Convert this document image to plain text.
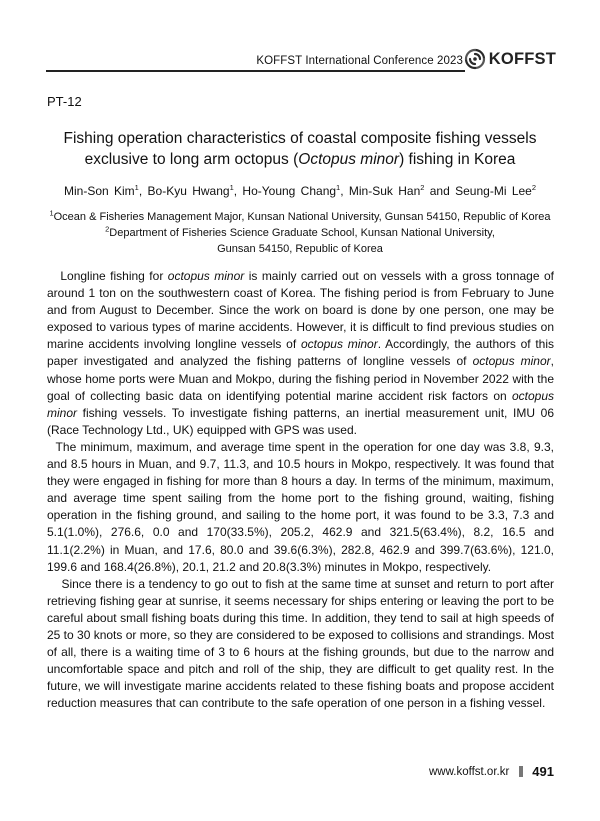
KOFFST International Conference 2023 KOFFST
PT-12
Fishing operation characteristics of coastal composite fishing vessels
exclusive to long arm octopus (Octopus minor) fishing in Korea
Min-Son Kim$^1$, Bo-Kyu Hwang$^1$, Ho-Young Chang$^1$, Min-Suk Han$^2$ and Seung-Mi Lee$^2$
$^1$Ocean & Fisheries Management Major, Kunsan National University, Gunsan 54150, Republic of Korea
$^2$Department of Fisheries Science Graduate School, Kunsan National University,
Gunsan 54150, Republic of Korea

Longline fishing for octopus minor is mainly carried out on vessels with a gross tonnage of around 1 ton on the southwestern coast of Korea. The fishing period is from February to June and from August to December. Since the work on board is done by one person, one may be exposed to various types of marine accidents. However, it is difficult to find previous studies on marine accidents involving longline vessels of octopus minor. Accordingly, the authors of this paper investigated and analyzed the fishing patterns of longline vessels of octopus minor, whose home ports were Muan and Mokpo, during the fishing period in November 2022 with the goal of collecting basic data on identifying potential marine accident risk factors on octopus minor fishing vessels. To investigate fishing patterns, an inertial measurement unit, IMU 06 (Race Technology Ltd., UK) equipped with GPS was used.

The minimum, maximum, and average time spent in the operation for one day was 3.8, 9.3, and 8.5 hours in Muan, and 9.7, 11.3, and 10.5 hours in Mokpo, respectively. It was found that they were engaged in fishing for more than 8 hours a day. In terms of the minimum, maximum, and average time spent sailing from the home port to the fishing ground, waiting, fishing operation in the fishing ground, and sailing to the home port, it was found to be 3.3, 7.3 and 5.1(1.0%), 276.6, 0.0 and 170(33.5%), 205.2, 462.9 and 321.5(63.4%), 8.2, 16.5 and 11.1(2.2%) in Muan, and 17.6, 80.0 and 39.6(6.3%), 282.8, 462.9 and 399.7(63.6%), 121.0, 199.6 and 168.4(26.8%), 20.1, 21.2 and 20.8(3.3%) minutes in Mokpo, respectively.

Since there is a tendency to go out to fish at the same time at sunset and return to port after retrieving fishing gear at sunrise, it seems necessary for ships entering or leaving the port to be careful about small fishing boats during this time. In addition, they tend to sail at high speeds of 25 to 30 knots or more, so they are considered to be exposed to collisions and strandings. Most of all, there is a waiting time of 3 to 6 hours at the fishing grounds, but due to the narrow and uncomfortable space and pitch and roll of the ship, they are difficult to get quality rest. In the future, we will investigate marine accidents related to these fishing boats and propose accident reduction measures that can contribute to the safe operation of one person in a fishing vessel.

www.koffst.or.kr 491
